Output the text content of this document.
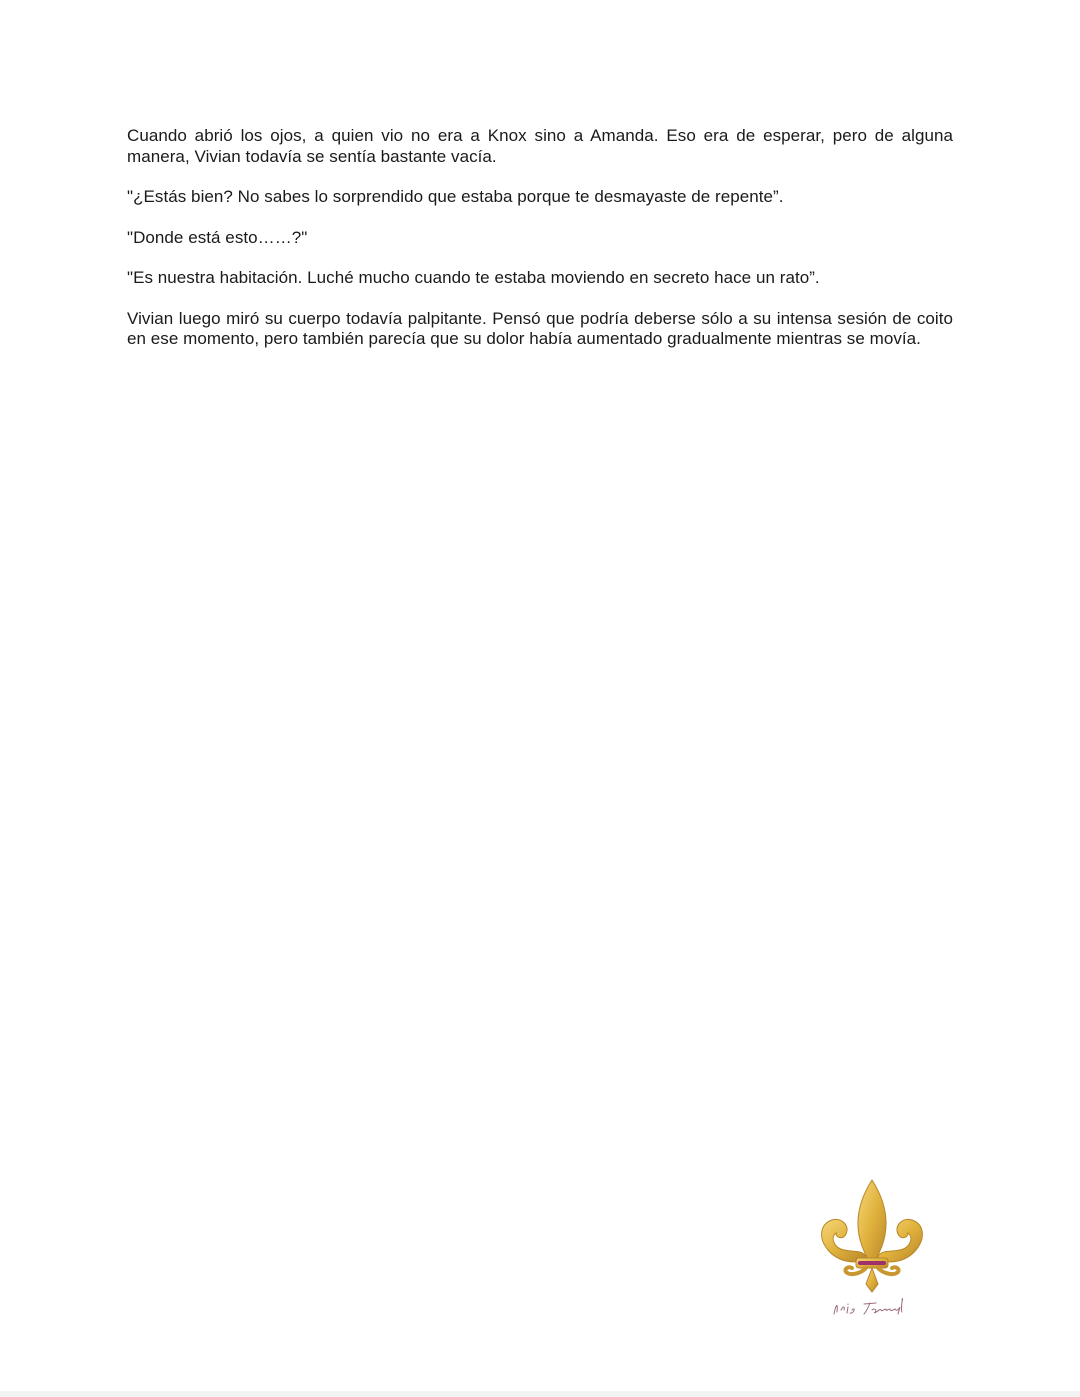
Cuando abrió los ojos, a quien vio no era a Knox sino a Amanda. Eso era de esperar, pero de alguna manera, Vivian todavía se sentía bastante vacía.

"¿Estás bien? No sabes lo sorprendido que estaba porque te desmayaste de repente”.

"Donde está esto……?"

"Es nuestra habitación. Luché mucho cuando te estaba moviendo en secreto hace un rato”.

Vivian luego miró su cuerpo todavía palpitante. Pensó que podría deberse sólo a su intensa sesión de coito en ese momento, pero también parecía que su dolor había aumentado gradualmente mientras se movía.
